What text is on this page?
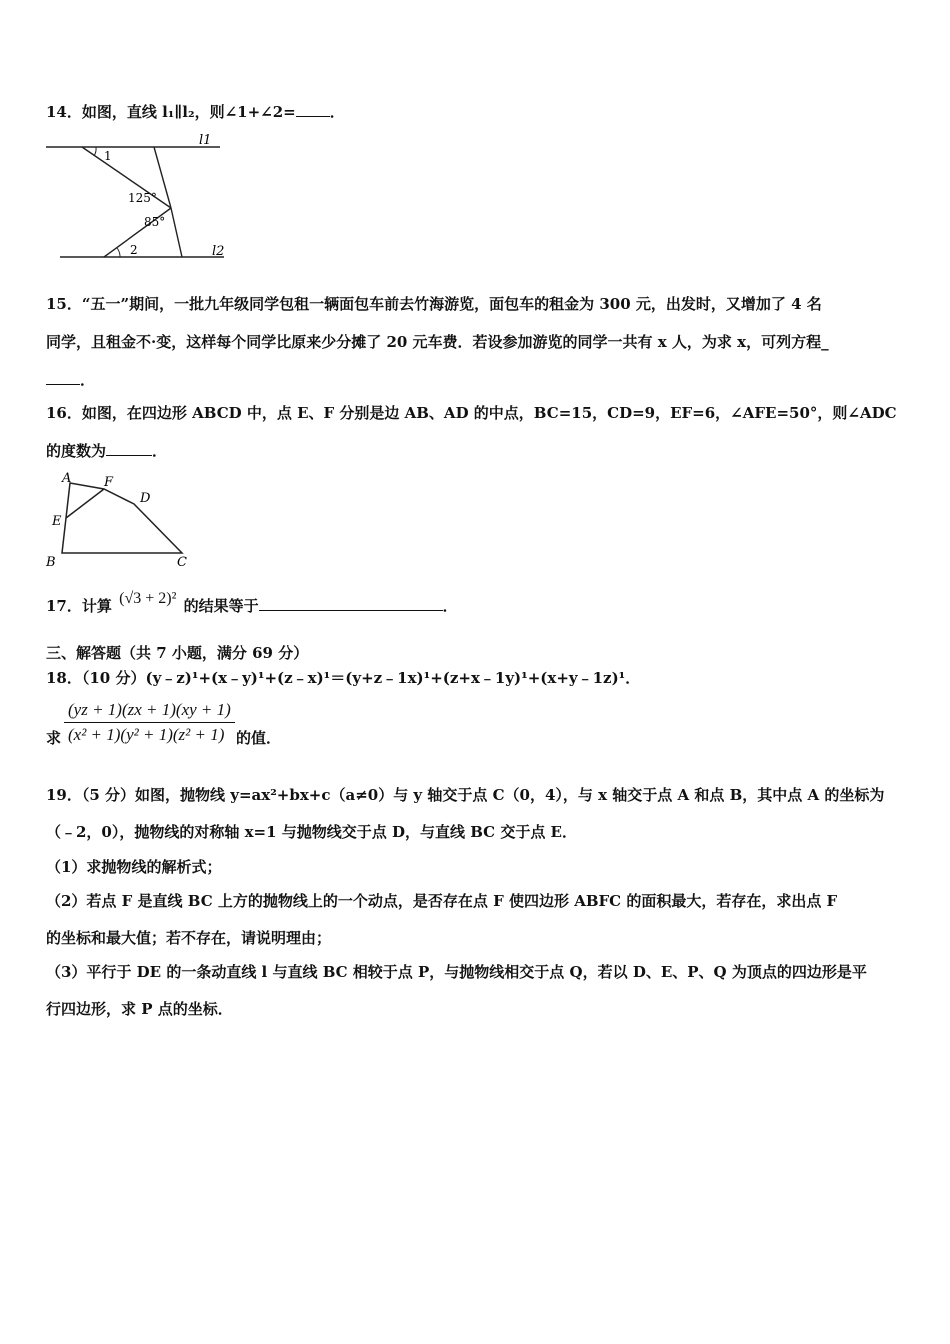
14．如图，直线 l₁∥l₂，则∠1+∠2= ．
l1
l2
1
2
125°
85°
15．“五一”期间，一批九年级同学包租一辆面包车前去竹海游览，面包车的租金为 300 元，出发时，又增加了 4 名
同学，且租金不·变，这样每个同学比原来少分摊了 20 元车费．若设参加游览的同学一共有 x 人，为求 x，可列方程_
．
16．如图，在四边形 ABCD 中，点 E、F 分别是边 AB、AD 的中点，BC=15，CD=9，EF=6，∠AFE=50°，则∠ADC
的度数为	．
A	F
D
E
B	C
17．计算 (√3 + 2)² 的结果等于	．
三、解答题（共 7 小题，满分 69 分）
18．（10 分）(y﹣z)¹+(x﹣y)¹+(z﹣x)¹＝(y+z﹣1x)¹+(z+x﹣1y)¹+(x+y﹣1z)¹．
求 $\frac{(yz + 1)(zx + 1)(xy + 1)}{\text{(x² + 1)(y² + 1)(z² + 1)}}$ 的值．
19．（5 分）如图，抛物线 y=ax²+bx+c（a≠0）与 y 轴交于点 C（0，4），与 x 轴交于点 A 和点 B，其中点 A 的坐标为
（﹣2，0），抛物线的对称轴 x=1 与抛物线交于点 D，与直线 BC 交于点 E．
（1）求抛物线的解析式；
（2）若点 F 是直线 BC 上方的抛物线上的一个动点，是否存在点 F 使四边形 ABFC 的面积最大，若存在，求出点 F
的坐标和最大值；若不存在，请说明理由；
（3）平行于 DE 的一条动直线 l 与直线 BC 相较于点 P，与抛物线相交于点 Q，若以 D、E、P、Q 为顶点的四边形是平
行四边形，求 P 点的坐标．
